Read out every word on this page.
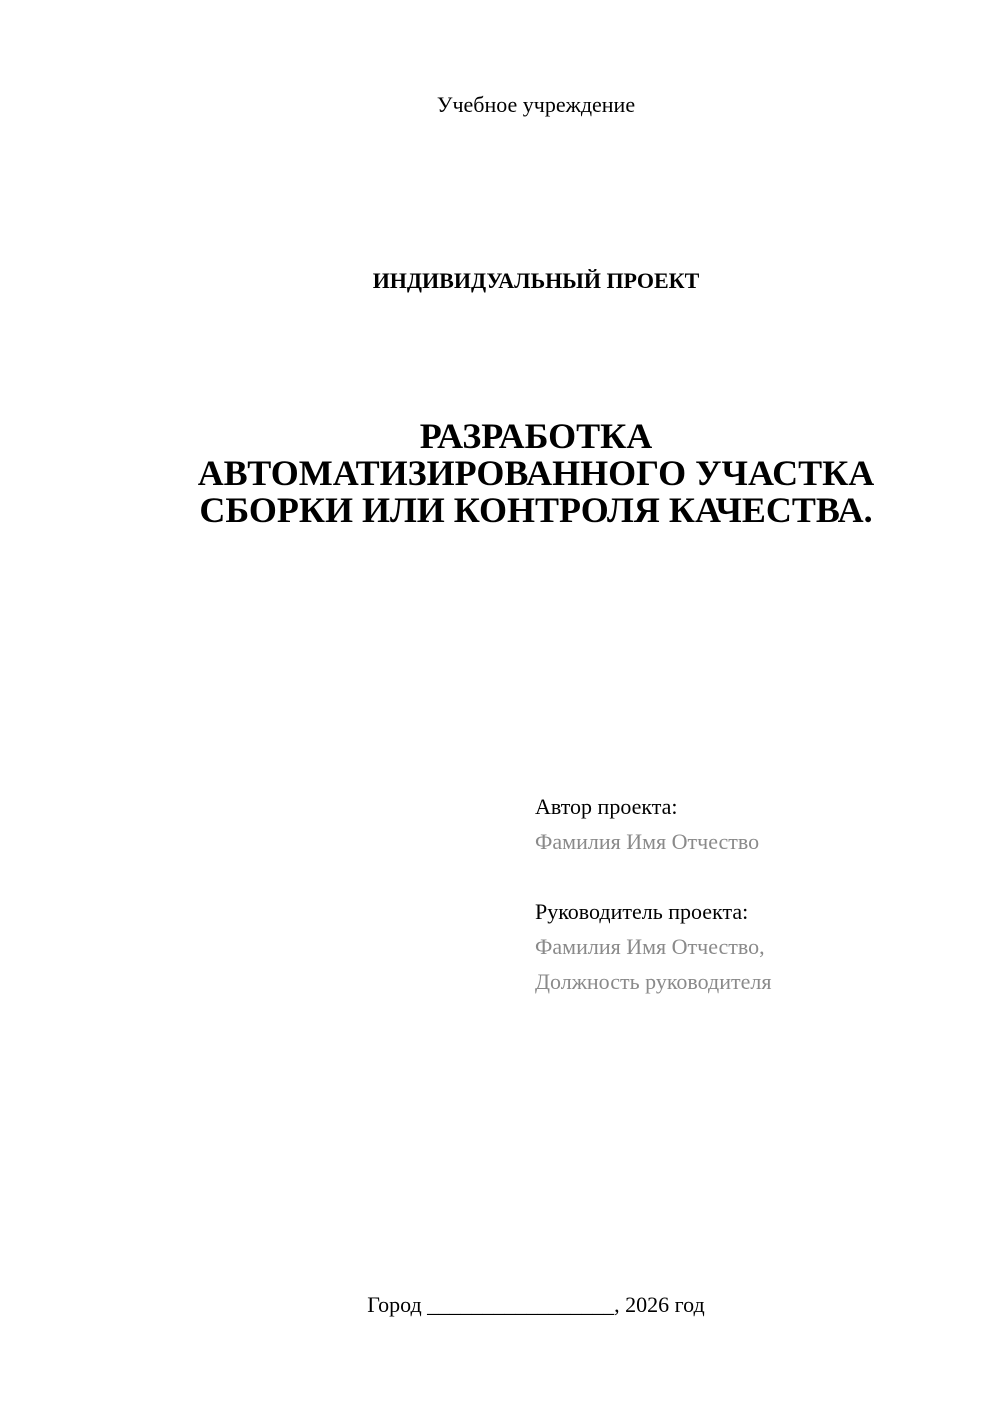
Учебное учреждение
ИНДИВИДУАЛЬНЫЙ ПРОЕКТ
РАЗРАБОТКА
АВТОМАТИЗИРОВАННОГО УЧАСТКА
СБОРКИ ИЛИ КОНТРОЛЯ КАЧЕСТВА.
Автор проекта:
Фамилия Имя Отчество
Руководитель проекта:
Фамилия Имя Отчество,
Должность руководителя
Город _________________, 2026 год
